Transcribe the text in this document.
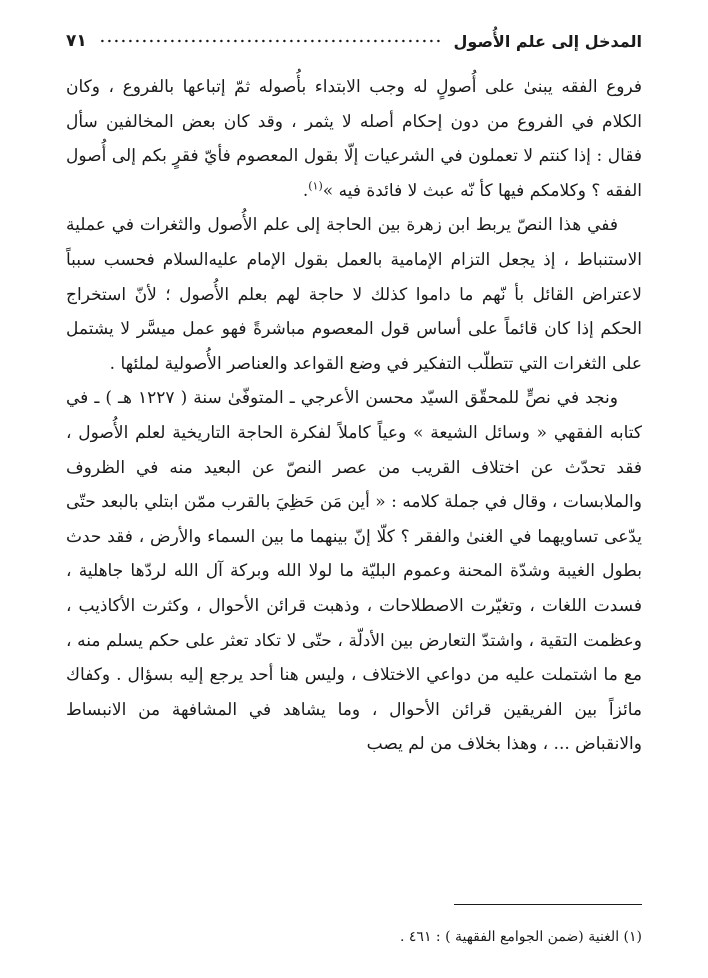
المدخل إلى علم الأُصول
٧١

فروع الفقه يبنىٰ على أُصولٍ له وجب الابتداء بأُصوله ثمّ إتباعها بالفروع ، وكان الكلام في الفروع من دون إحكام أصله لا يثمر ، وقد كان بعض المخالفين سأل فقال : إذا كنتم لا تعملون في الشرعيات إلّا بقول المعصوم فأيّ فقرٍ بكم إلى أُصول الفقه ؟ وكلامكم فيها كأ نّه عبث لا فائدة فيه »$^{(١)}$.

ففي هذا النصّ يربط ابن زهرة بين الحاجة إلى علم الأُصول والثغرات في عملية الاستنباط ، إذ يجعل التزام الإمامية بالعمل بقول الإمام عليه‌السلام فحسب سبباً لاعتراض القائل بأ نّهم ما داموا كذلك لا حاجة لهم بعلم الأُصول ؛ لأنّ استخراج الحكم إذا كان قائماً على أساس قول المعصوم مباشرةً فهو عمل ميسَّر لا يشتمل على الثغرات التي تتطلّب التفكير في وضع القواعد والعناصر الأُصولية لملئها .

ونجد في نصٍّ للمحقّق السيّد محسن الأعرجي ـ المتوفّىٰ سنة ( ١٢٢٧ هـ ) ـ في كتابه الفقهي « وسائل الشيعة » وعياً كاملاً لفكرة الحاجة التاريخية لعلم الأُصول ، فقد تحدّث عن اختلاف القريب من عصر النصّ عن البعيد منه في الظروف والملابسات ، وقال في جملة كلامه : « أين مَن حَظِيَ بالقرب ممّن ابتلي بالبعد حتّى يدّعى تساويهما في الغنىٰ والفقر ؟ كلّا إنّ بينهما ما بين السماء والأرض ، فقد حدث بطول الغيبة وشدّة المحنة وعموم البليّة ما لولا الله وبركة آل الله لردّها جاهلية ، فسدت اللغات ، وتغيّرت الاصطلاحات ، وذهبت قرائن الأحوال ، وكثرت الأكاذيب ، وعظمت التقية ، واشتدّ التعارض بين الأدلّة ، حتّى لا تكاد تعثر على حكم يسلم منه ، مع ما اشتملت عليه من دواعي الاختلاف ، وليس هنا أحد يرجع إليه بسؤال . وكفاك مائزاً بين الفريقين قرائن الأحوال ، وما يشاهد في المشافهة من الانبساط والانقباض ... ، وهذا بخلاف من لم يصب

(١) الغنية (ضمن الجوامع الفقهية ) : ٤٦١ .
